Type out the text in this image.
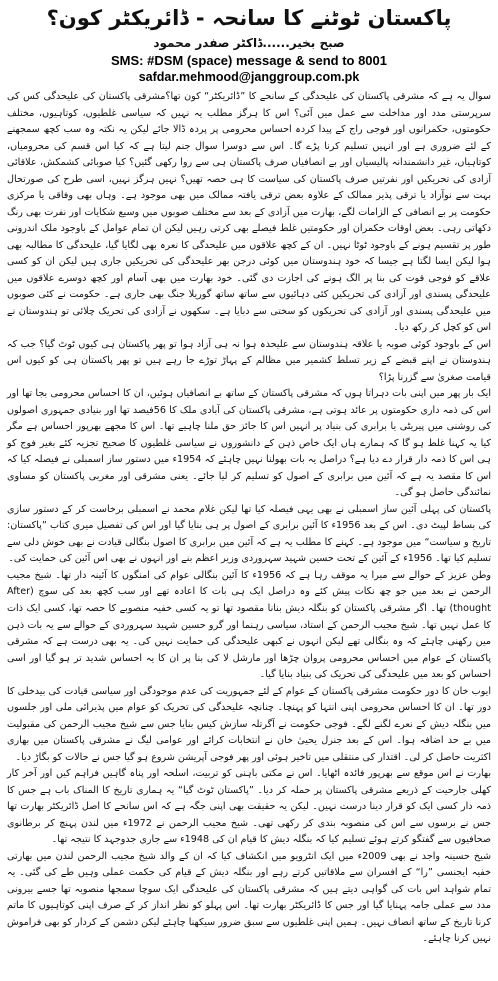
پاکستان ٹوٹنے کا سانحہ - ڈائریکٹر کون؟

صبح بخیر......ڈاکٹر صفدر محمود

SMS: #DSM (space) message & send to 8001

safdar.mehmood@janggroup.com.pk

سوال یہ ہے کہ مشرقی پاکستان کی علیحدگی کے سانحے کا ”ڈائریکٹر“ کون تھا؟مشرقی پاکستان کی علیحدگی کس کی سرپرستی مدد اور مداخلت سے عمل میں آئی؟ اس کا ہرگز مطلب یہ نہیں کہ سیاسی غلطیوں، کوتاہیوں، مختلف حکومتوں، حکمرانوں اور فوجی راج کے پیدا کردہ احساس محرومی پر پردہ ڈالا جائے لیکن یہ نکتہ وہ سب کچھ سمجھنے کے لئے ضروری ہے اور انہیں تسلیم کرنا پڑے گا۔ اس سے دوسرا سوال جنم لیتا ہے کہ کیا اس قسم کی محرومیاں، کوتاہیاں، غیر دانشمندانہ پالیسیاں اور بے انصافیاں صرف پاکستان ہی سے روا رکھی گئیں؟ کیا صوبائی کشمکش، علاقائی آزادی کی تحریکیں اور نفرتیں صرف پاکستان کی سیاست کا ہی حصہ تھیں؟ نہیں ہرگز نہیں، اسی طرح کی صورتحال بہت سے نوآزاد یا ترقی پذیر ممالک کے علاوہ بعض ترقی یافتہ ممالک میں بھی موجود ہے۔ وہاں بھی وفاقی یا مرکزی حکومت پر بے انصافی کے الزامات لگے، بھارت میں آزادی کے بعد سے مختلف صوبوں میں وسیع شکایات اور نفرت بھی رنگ دکھاتی رہی۔ بعض اوقات حکمران اور حکومتیں غلط فیصلے بھی کرتی رہیں لیکن ان تمام عوامل کے باوجود ملک اندرونی طور پر تقسیم ہونے کے باوجود ٹوٹا نہیں۔ ان کے کچھ علاقوں میں علیحدگی کا نعرہ بھی لگایا گیا، علیحدگی کا مطالبہ بھی ہوا لیکن ایسا لگتا ہے جیسا کہ خود ہندوستان میں کوئی درجن بھر علیحدگی کی تحریکیں جاری ہیں لیکن ان کو کسی علاقے کو فوجی قوت کی بنا پر الگ ہونے کی اجازت دی گئی۔ خود بھارت میں بھی آسام اور کچھ دوسرے علاقوں میں علیحدگی پسندی اور آزادی کی تحریکیں کئی دہائیوں سے ساتھ ساتھ گوریلا جنگ بھی جاری ہے۔ حکومت نے کئی صوبوں میں علیحدگی پسندی اور آزادی کی تحریکوں کو سختی سے دبایا ہے۔ سکھوں نے آزادی کی تحریک چلائی تو ہندوستان نے اس کو کچل کر رکھ دیا۔

اس کے باوجود کوئی صوبہ یا علاقہ ہندوستان سے علیحدہ ہوا نہ ہی آزاد ہوا تو پھر پاکستان ہی کیوں ٹوٹ گیا؟ جب کہ ہندوستان نے اپنے قبضے کے زیر تسلط کشمیر میں مظالم کے پہاڑ توڑے جا رہے ہیں تو پھر پاکستان ہی کو کیوں اس قیامت صغریٰ سے گزرنا پڑا؟

ایک بار پھر میں اپنی بات دہراتا ہوں کہ مشرقی پاکستان کے ساتھ بے انصافیاں ہوئیں، ان کا احساس محرومی بجا تھا اور اس کی ذمہ داری حکومتوں پر عائد ہوتی ہے، مشرقی پاکستان کی آبادی ملک کا 56فیصد تھا اور بنیادی جمہوری اصولوں کی روشنی میں پیریٹی یا برابری کی بنیاد پر انہیں اس کا جائز حق ملنا چاہیے تھا۔ اس کا مجھے بھرپور احساس ہے مگر کیا یہ کہنا غلط ہو گا کہ ہمارے ہاں ایک خاص ذہن کے دانشوروں نے سیاسی غلطیوں کا صحیح تجزیہ کئے بغیر فوج کو ہی اس کا ذمہ دار قرار دے دیا ہے؟ دراصل یہ بات بھولنا نہیں چاہئے کہ 1954ء میں دستور ساز اسمبلی نے فیصلہ کیا کہ اس کا مقصد یہ ہے کہ آئین میں برابری کے اصول کو تسلیم کر لیا جائے۔ یعنی مشرقی اور مغربی پاکستان کو مساوی نمائندگی حاصل ہو گی۔

پاکستان کی پہلی آئین ساز اسمبلی نے بھی یہی فیصلہ کیا تھا لیکن غلام محمد نے اسمبلی برخاست کر کے دستور سازی کی بساط لپیٹ دی۔ اس کے بعد 1956ء کا آئین برابری کے اصول پر ہی بنایا گیا اور اس کی تفصیل میری کتاب ”پاکستان: تاریخ و سیاست“ میں موجود ہے۔ کہنے کا مطلب یہ ہے کہ آئین میں برابری کا اصول بنگالی قیادت نے بھی خوش دلی سے تسلیم کیا تھا۔ 1956ء کے آئین کے تحت حسین شہید سہروردی وزیر اعظم بنے اور انہوں نے بھی اس آئین کی حمایت کی۔

وطن عزیز کے حوالے سے میرا یہ موقف رہا ہے کہ 1956ء کا آئین بنگالی عوام کی امنگوں کا آئینہ دار تھا۔ شیخ مجیب الرحمن نے بعد میں جو چھ نکات پیش کئے وہ دراصل ایک ہی بات کا اعادہ تھے اور سب کچھ بعد کی سوچ (After thought) تھا۔ اگر مشرقی پاکستان کو بنگلہ دیش بنانا مقصود تھا تو یہ کسی خفیہ منصوبے کا حصہ تھا، کسی ایک ذات کا عمل نہیں تھا۔ شیخ مجیب الرحمن کے استاد، سیاسی رہنما اور گرو حسین شہید سہروردی کے حوالے سے یہ بات ذہن میں رکھنی چاہئے کہ وہ بنگالی تھے لیکن انہوں نے کبھی علیحدگی کی حمایت نہیں کی۔ یہ بھی درست ہے کہ مشرقی پاکستان کے عوام میں احساس محرومی پروان چڑھا اور مارشل لا کی بنا پر ان کا یہ احساس شدید تر ہو گیا اور اسی احساس کو بعد میں علیحدگی کی تحریک کی بنیاد بنایا گیا۔

ایوب خان کا دور حکومت مشرقی پاکستان کے عوام کے لئے جمہوریت کی عدم موجودگی اور سیاسی قیادت کی بیدخلی کا دور تھا۔ ان کا احساس محرومی اپنی انتہا کو پہنچا۔ چنانچہ علیحدگی کی تحریک کو عوام میں پذیرائی ملی اور جلسوں میں بنگلہ دیش کے نعرے لگنے لگے۔ فوجی حکومت نے آگرتلہ سازش کیس بنایا جس سے شیخ مجیب الرحمن کی مقبولیت میں بے حد اضافہ ہوا۔ اس کے بعد جنرل یحییٰ خان نے انتخابات کرائے اور عوامی لیگ نے مشرقی پاکستان میں بھاری اکثریت حاصل کر لی۔ اقتدار کی منتقلی میں تاخیر ہوئی اور پھر فوجی آپریشن شروع ہو گیا جس نے حالات کو بگاڑ دیا۔

بھارت نے اس موقع سے بھرپور فائدہ اٹھایا۔ اس نے مکتی باہنی کو تربیت، اسلحہ اور پناہ گاہیں فراہم کیں اور آخر کار کھلی جارحیت کے ذریعے مشرقی پاکستان پر حملہ کر دیا۔ ”پاکستان ٹوٹ گیا“ یہ ہماری تاریخ کا المناک باب ہے جس کا ذمہ دار کسی ایک کو قرار دینا درست نہیں۔ لیکن یہ حقیقت بھی اپنی جگہ ہے کہ اس سانحے کا اصل ڈائریکٹر بھارت تھا جس نے برسوں سے اس کی منصوبہ بندی کر رکھی تھی۔ شیخ مجیب الرحمن نے 1972ء میں لندن پہنچ کر برطانوی صحافیوں سے گفتگو کرتے ہوئے تسلیم کیا کہ بنگلہ دیش کا قیام ان کی 1948ء سے جاری جدوجہد کا نتیجہ تھا۔

شیخ حسینہ واجد نے بھی 2009ء میں ایک انٹرویو میں انکشاف کیا کہ ان کے والد شیخ مجیب الرحمن لندن میں بھارتی خفیہ ایجنسی ”را“ کے افسران سے ملاقاتیں کرتے رہے اور بنگلہ دیش کے قیام کی حکمت عملی وہیں طے کی گئی۔ یہ تمام شواہد اس بات کی گواہی دیتے ہیں کہ مشرقی پاکستان کی علیحدگی ایک سوچا سمجھا منصوبہ تھا جسے بیرونی مدد سے عملی جامہ پہنایا گیا اور جس کا ڈائریکٹر بھارت تھا۔ اس پہلو کو نظر انداز کر کے صرف اپنی کوتاہیوں کا ماتم کرنا تاریخ کے ساتھ انصاف نہیں۔ ہمیں اپنی غلطیوں سے سبق ضرور سیکھنا چاہئے لیکن دشمن کے کردار کو بھی فراموش نہیں کرنا چاہئے۔
